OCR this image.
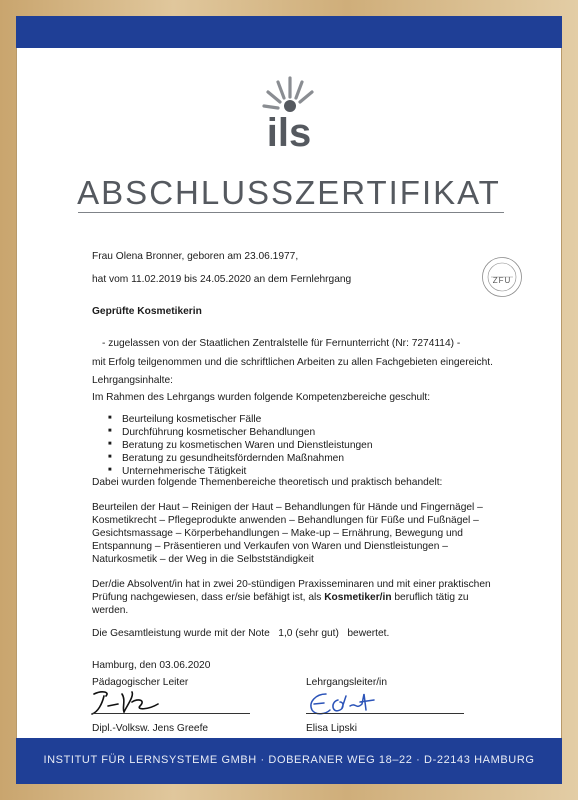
ils
ABSCHLUSSZERTIFIKAT
ZFU
Frau Olena Bronner, geboren am 23.06.1977,
hat vom 11.02.2019 bis 24.05.2020 an dem Fernlehrgang
Geprüfte Kosmetikerin
- zugelassen von der Staatlichen Zentralstelle für Fernunterricht (Nr: 7274114) -
mit Erfolg teilgenommen und die schriftlichen Arbeiten zu allen Fachgebieten eingereicht.
Lehrgangsinhalte:
Im Rahmen des Lehrgangs wurden folgende Kompetenzbereiche geschult:
■ Beurteilung kosmetischer Fälle
■ Durchführung kosmetischer Behandlungen
■ Beratung zu kosmetischen Waren und Dienstleistungen
■ Beratung zu gesundheitsfördernden Maßnahmen
■ Unternehmerische Tätigkeit
Dabei wurden folgende Themenbereiche theoretisch und praktisch behandelt:
Beurteilen der Haut – Reinigen der Haut – Behandlungen für Hände und Fingernägel –
Kosmetikrecht – Pflegeprodukte anwenden – Behandlungen für Füße und Fußnägel –
Gesichtsmassage – Körperbehandlungen – Make-up – Ernährung, Bewegung und
Entspannung – Präsentieren und Verkaufen von Waren und Dienstleistungen –
Naturkosmetik – der Weg in die Selbstständigkeit
Der/die Absolvent/in hat in zwei 20-stündigen Praxisseminaren und mit einer praktischen
Prüfung nachgewiesen, dass er/sie befähigt ist, als Kosmetiker/in beruflich tätig zu
werden.
Die Gesamtleistung wurde mit der Note 1,0 (sehr gut) bewertet.
Hamburg, den 03.06.2020
Pädagogischer Leiter	Lehrgangsleiter/in
Dipl.-Volksw. Jens Greefe	Elisa Lipski
INSTITUT FÜR LERNSYSTEME GMBH · DOBERANER WEG 18–22 · D-22143 HAMBURG
